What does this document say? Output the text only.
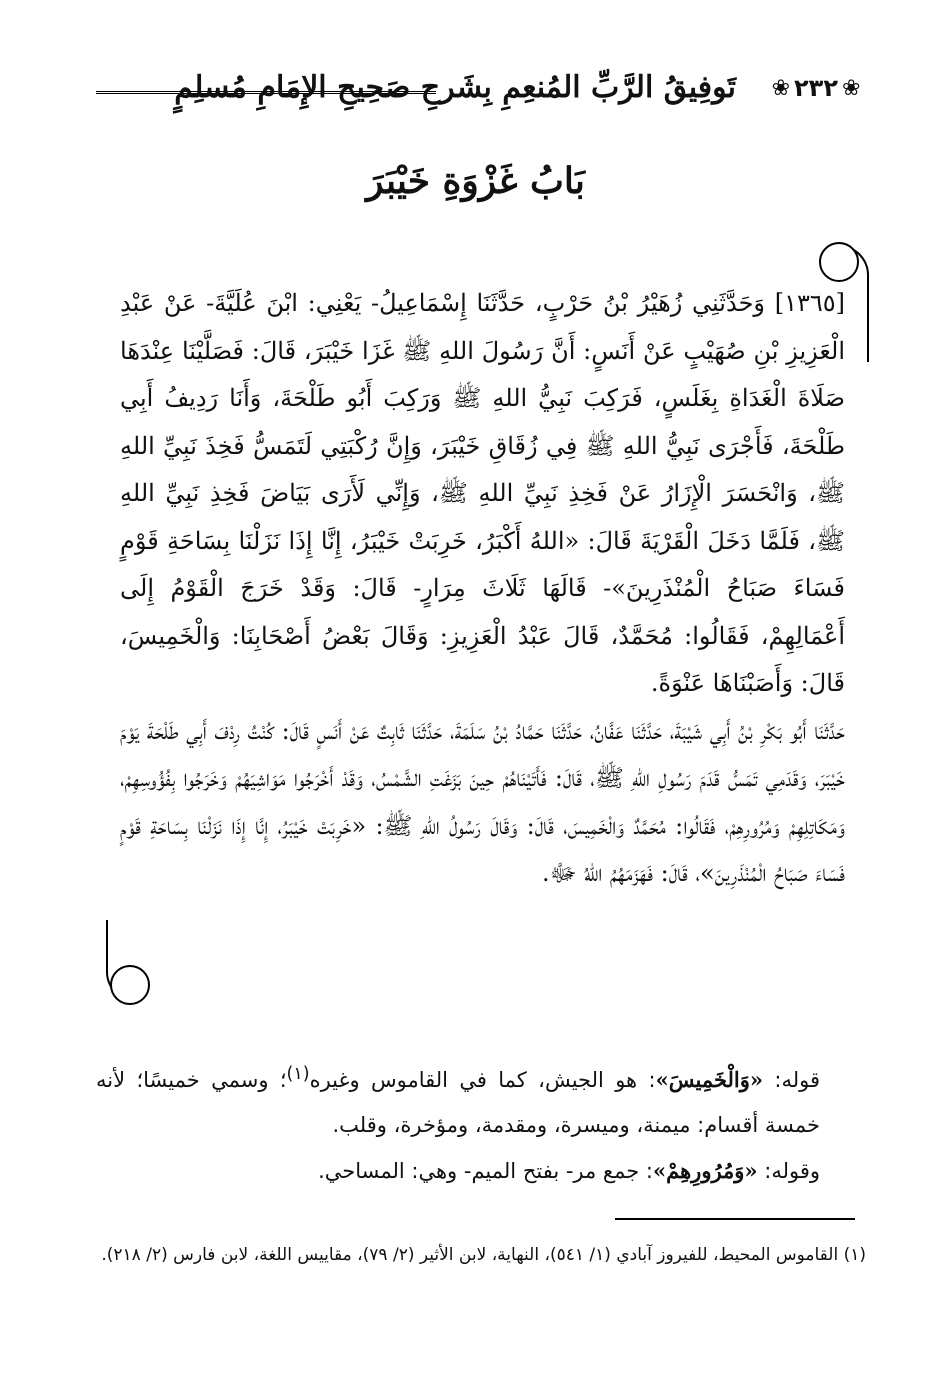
❀
٢٣٢
❀
تَوفِيقُ الرَّبِّ المُنعِمِ بِشَرحِ صَحِيحِ الإِمَامِ مُسلِمٍ
بَابُ غَزْوَةِ خَيْبَرَ

[١٣٦٥] وَحَدَّثَنِي زُهَيْرُ بْنُ حَرْبٍ، حَدَّثَنَا إِسْمَاعِيلُ- يَعْنِي: ابْنَ عُلَيَّةَ- عَنْ عَبْدِ الْعَزِيزِ بْنِ صُهَيْبٍ عَنْ أَنَسٍ: أَنَّ رَسُولَ اللهِ ﷺ غَزَا خَيْبَرَ، قَالَ: فَصَلَّيْنَا عِنْدَهَا صَلَاةَ الْغَدَاةِ بِغَلَسٍ، فَرَكِبَ نَبِيُّ اللهِ ﷺ وَرَكِبَ أَبُو طَلْحَةَ، وَأَنَا رَدِيفُ أَبِي طَلْحَةَ، فَأَجْرَى نَبِيُّ اللهِ ﷺ فِي زُقَاقِ خَيْبَرَ، وَإِنَّ رُكْبَتِي لَتَمَسُّ فَخِذَ نَبِيِّ اللهِ ﷺ، وَانْحَسَرَ الْإِزَارُ عَنْ فَخِذِ نَبِيِّ اللهِ ﷺ، وَإِنِّي لَأَرَى بَيَاضَ فَخِذِ نَبِيِّ اللهِ ﷺ، فَلَمَّا دَخَلَ الْقَرْيَةَ قَالَ: «اللهُ أَكْبَرُ، خَرِبَتْ خَيْبَرُ، إِنَّا إِذَا نَزَلْنَا بِسَاحَةِ قَوْمٍ فَسَاءَ صَبَاحُ الْمُنْذَرِينَ»- قَالَهَا ثَلَاثَ مِرَارٍ- قَالَ: وَقَدْ خَرَجَ الْقَوْمُ إِلَى أَعْمَالِهِمْ، فَقَالُوا: مُحَمَّدٌ، قَالَ عَبْدُ الْعَزِيزِ: وَقَالَ بَعْضُ أَصْحَابِنَا: وَالْخَمِيسَ، قَالَ: وَأَصَبْنَاهَا عَنْوَةً.

حَدَّثَنَا أَبُو بَكْرِ بْنُ أَبِي شَيْبَةَ، حَدَّثَنَا عَفَّانُ، حَدَّثَنَا حَمَّادُ بْنُ سَلَمَةَ، حَدَّثَنَا ثَابِتٌ عَنْ أَنَسٍ قَالَ: كُنْتُ رِدْفَ أَبِي طَلْحَةَ يَوْمَ خَيْبَرَ، وَقَدَمِي تَمَسُّ قَدَمَ رَسُولِ اللهِ ﷺ، قَالَ: فَأَتَيْنَاهُمْ حِينَ بَزَغَتِ الشَّمْسُ، وَقَدْ أَخْرَجُوا مَوَاشِيَهُمْ وَخَرَجُوا بِفُؤُوسِهِمْ، وَمَكَاتِلِهِمْ وَمُرُورِهِمْ، فَقَالُوا: مُحَمَّدٌ وَالْخَمِيسَ، قَالَ: وَقَالَ رَسُولُ اللهِ ﷺ: «خَرِبَتْ خَيْبَرُ، إِنَّا إِذَا نَزَلْنَا بِسَاحَةِ قَوْمٍ فَسَاءَ صَبَاحُ الْمُنْذَرِينَ»، قَالَ: فَهَزَمَهُمُ اللهُ ﷻ.

قوله: «وَالْخَمِيسَ»: هو الجيش، كما في القاموس وغيره$^{(١)}$؛ وسمي خميسًا؛ لأنه خمسة أقسام: ميمنة، وميسرة، ومقدمة، ومؤخرة، وقلب.

وقوله: «وَمُرُورِهِمْ»: جمع مر- بفتح الميم- وهي: المساحي.

(١) القاموس المحيط، للفيروز آبادي (١/ ٥٤١)، النهاية، لابن الأثير (٢/ ٧٩)، مقاييس اللغة، لابن فارس (٢/ ٢١٨).
